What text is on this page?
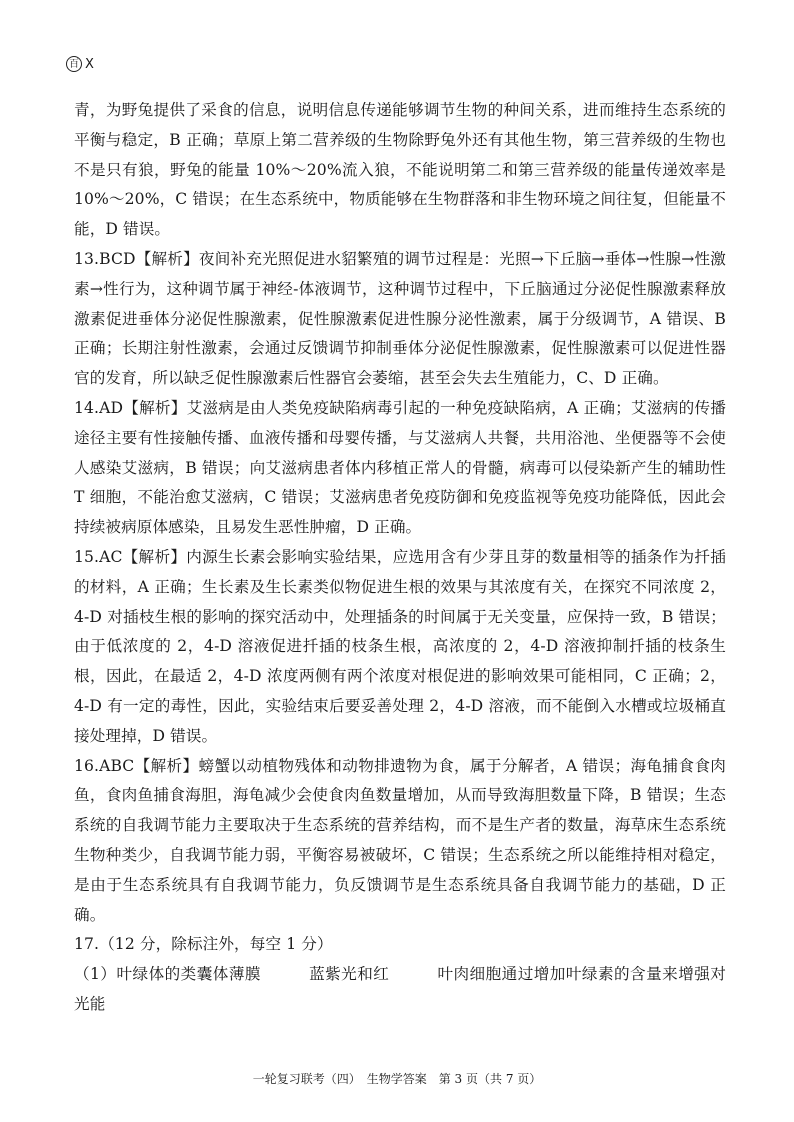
百 X

青，为野兔提供了采食的信息，说明信息传递能够调节生物的种间关系，进而维持生态系统的平衡与稳定，B 正确；草原上第二营养级的生物除野兔外还有其他生物，第三营养级的生物也不是只有狼，野兔的能量 10%～20%流入狼，不能说明第二和第三营养级的能量传递效率是 10%～20%，C 错误；在生态系统中，物质能够在生物群落和非生物环境之间往复，但能量不能，D 错误。

13.BCD【解析】夜间补充光照促进水貂繁殖的调节过程是：光照→下丘脑→垂体→性腺→性激素→性行为，这种调节属于神经-体液调节，这种调节过程中，下丘脑通过分泌促性腺激素释放激素促进垂体分泌促性腺激素，促性腺激素促进性腺分泌性激素，属于分级调节，A 错误、B 正确；长期注射性激素，会通过反馈调节抑制垂体分泌促性腺激素，促性腺激素可以促进性器官的发育，所以缺乏促性腺激素后性器官会萎缩，甚至会失去生殖能力，C、D 正确。

14.AD【解析】艾滋病是由人类免疫缺陷病毒引起的一种免疫缺陷病，A 正确；艾滋病的传播途径主要有性接触传播、血液传播和母婴传播，与艾滋病人共餐，共用浴池、坐便器等不会使人感染艾滋病，B 错误；向艾滋病患者体内移植正常人的骨髓，病毒可以侵染新产生的辅助性 T 细胞，不能治愈艾滋病，C 错误；艾滋病患者免疫防御和免疫监视等免疫功能降低，因此会持续被病原体感染，且易发生恶性肿瘤，D 正确。

15.AC【解析】内源生长素会影响实验结果，应选用含有少芽且芽的数量相等的插条作为扦插的材料，A 正确；生长素及生长素类似物促进生根的效果与其浓度有关，在探究不同浓度 2，4-D 对插枝生根的影响的探究活动中，处理插条的时间属于无关变量，应保持一致，B 错误；由于低浓度的 2，4-D 溶液促进扦插的枝条生根，高浓度的 2，4-D 溶液抑制扦插的枝条生根，因此，在最适 2，4-D 浓度两侧有两个浓度对根促进的影响效果可能相同，C 正确；2，4-D 有一定的毒性，因此，实验结束后要妥善处理 2，4-D 溶液，而不能倒入水槽或垃圾桶直接处理掉，D 错误。

16.ABC【解析】螃蟹以动植物残体和动物排遗物为食，属于分解者，A 错误；海龟捕食食肉鱼，食肉鱼捕食海胆，海龟减少会使食肉鱼数量增加，从而导致海胆数量下降，B 错误；生态系统的自我调节能力主要取决于生态系统的营养结构，而不是生产者的数量，海草床生态系统生物种类少，自我调节能力弱，平衡容易被破坏，C 错误；生态系统之所以能维持相对稳定，是由于生态系统具有自我调节能力，负反馈调节是生态系统具备自我调节能力的基础，D 正确。

17.（12 分，除标注外，每空 1 分）

（1）叶绿体的类囊体薄膜　　　蓝紫光和红　　　叶肉细胞通过增加叶绿素的含量来增强对光能

一轮复习联考（四）　生物学答案　第 3 页（共 7 页）
